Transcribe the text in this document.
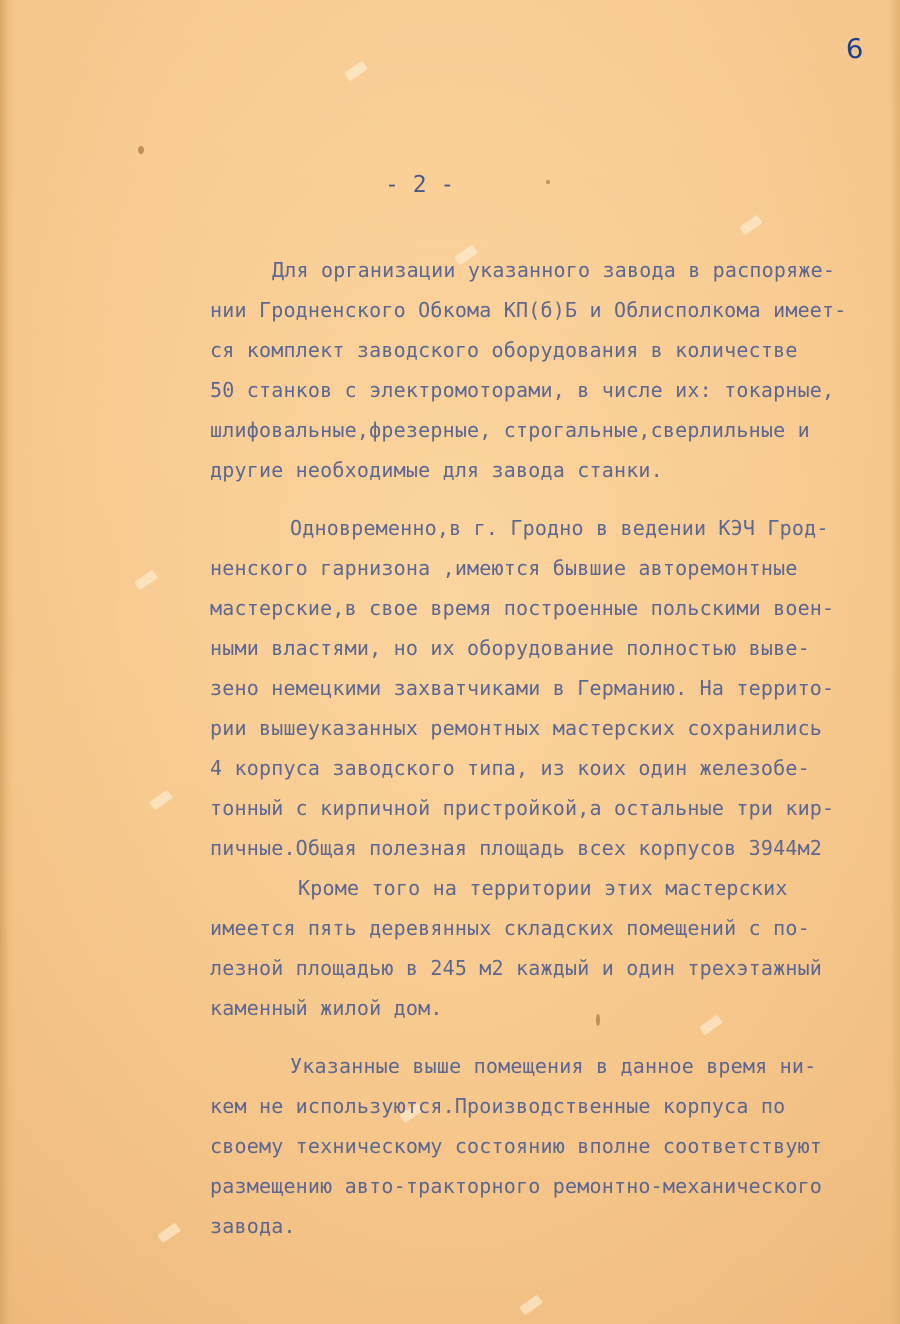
6
- 2 -

Для организации указанного завода в распоряже-

нии Гродненского Обкома КП(б)Б и Облисполкома имеет-

ся комплект заводского оборудования в количестве

50 станков с электромоторами, в числе их: токарные,

шлифовальные,фрезерные, строгальные,сверлильные и

другие необходимые для завода станки.

Одновременно,в г. Гродно в ведении КЭЧ Грод-

ненского гарнизона ,имеются бывшие авторемонтные

мастерские,в свое время построенные польскими воен-

ными властями, но их оборудование полностью выве-

зено немецкими захватчиками в Германию. На террито-

рии вышеуказанных ремонтных мастерских сохранились

4 корпуса заводского типа, из коих один железобе-

тонный с кирпичной пристройкой,а остальные три кир-

пичные.Общая полезная площадь всех корпусов 3944м2

Кроме того на территории этих мастерских

имеется пять деревянных складских помещений с по-

лезной площадью в 245 м2 каждый и один трехэтажный

каменный жилой дом.

Указанные выше помещения в данное время ни-

кем не используются.Производственные корпуса по

своему техническому состоянию вполне соответствуют

размещению авто-тракторного ремонтно-механического

завода.
